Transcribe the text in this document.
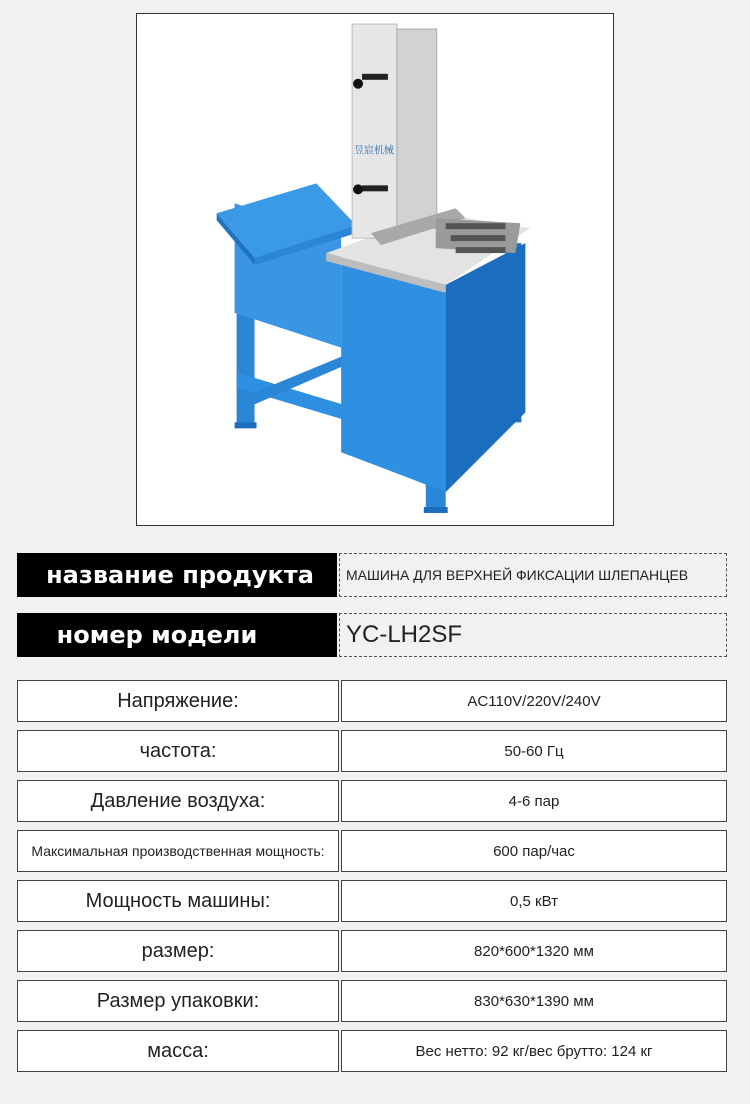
昱宸机械
название продукта	МАШИНА ДЛЯ ВЕРХНЕЙ ФИКСАЦИИ ШЛЕПАНЦЕВ
номер модели	YC-LH2SF
Напряжение:	AC110V/220V/240V
частота:	50-60 Гц
Давление воздуха:	4-6 пар
Максимальная производственная мощность:	600 пар/час
Мощность машины:	0,5 кВт
размер:	820*600*1320 мм
Размер упаковки:	830*630*1390 мм
масса:	Вес нетто: 92 кг/вес брутто: 124 кг
